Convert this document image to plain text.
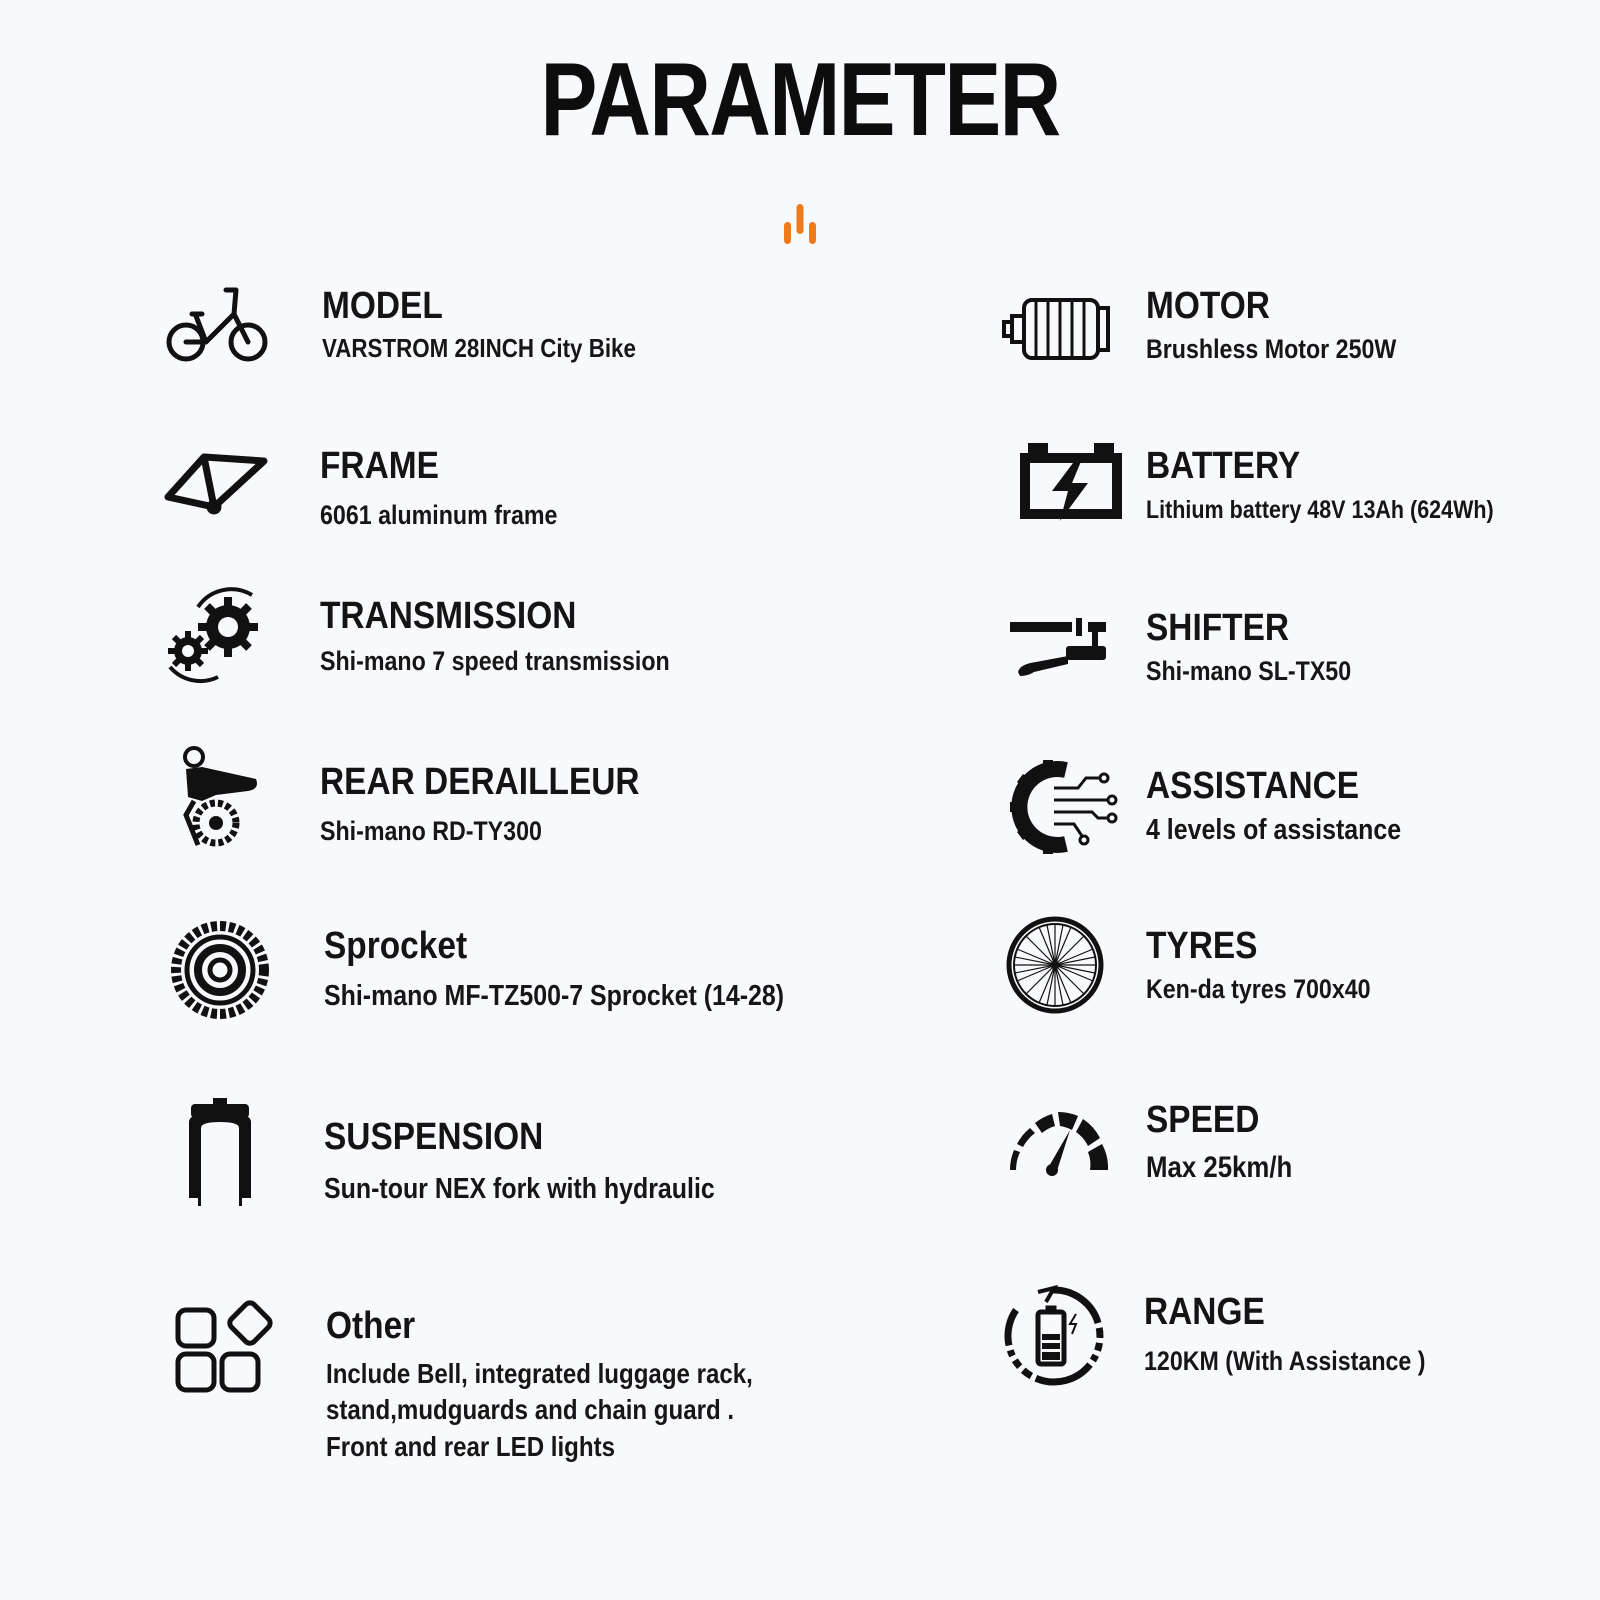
PARAMETER
MODEL
VARSTROM 28INCH City Bike
FRAME
6061 aluminum frame
TRANSMISSION
Shi-mano 7 speed transmission
REAR DERAILLEUR
Shi-mano RD-TY300
Sprocket
Shi-mano MF-TZ500-7 Sprocket (14-28)
SUSPENSION
Sun-tour NEX fork with hydraulic
Other
Include Bell, integrated luggage rack,
stand,mudguards and chain guard .
Front and rear LED lights
MOTOR
Brushless Motor 250W
BATTERY
Lithium battery 48V 13Ah (624Wh)
SHIFTER
Shi-mano SL-TX50
ASSISTANCE
4 levels of assistance
TYRES
Ken-da tyres 700x40
SPEED
Max 25km/h
RANGE
120KM (With Assistance )
